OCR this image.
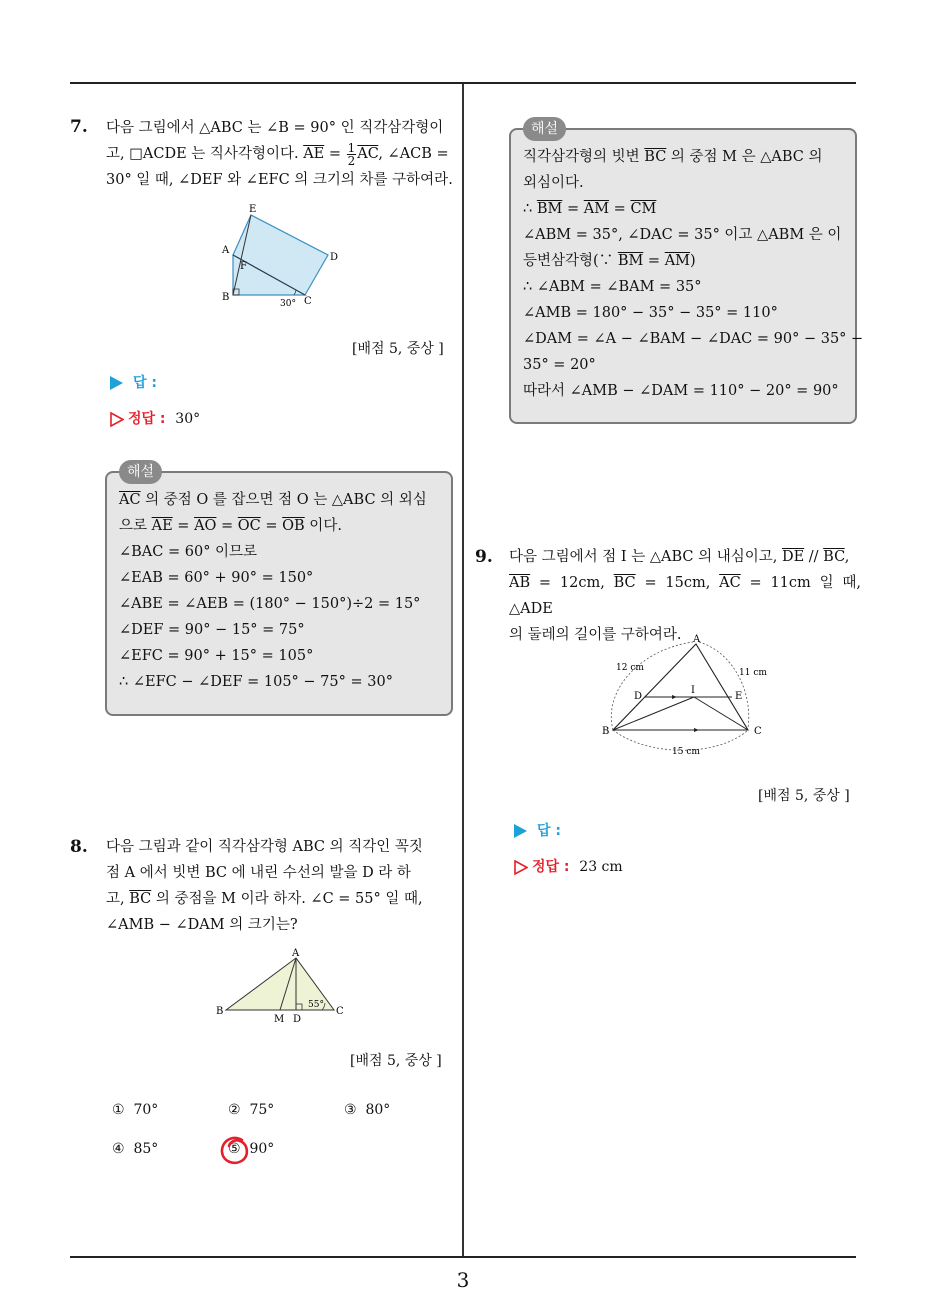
3
7. 다음 그림에서 △ABC 는 ∠B = 90° 인 직각삼각형이

고, □ACDE 는 직사각형이다. $\overline{AE} = \frac{1}{2} \overline{AC}$, ∠ACB =

30° 일 때, ∠DEF 와 ∠EFC 의 크기의 차를 구하여라.

E
A
F
D
B
30° C
[배점 5, 중상 ]
답 :
정답 : 30°
해설

$\overline{AC}$ 의 중점 O 를 잡으면 점 O 는 △ABC 의 외심

으로 $\overline{AE} = \overline{AO} = \overline{OC} = \overline{OB}$ 이다.

∠BAC = 60° 이므로

∠EAB = 60° + 90° = 150°

∠ABE = ∠AEB = (180° − 150°)÷2 = 15°

∠DEF = 90° − 15° = 75°

∠EFC = 90° + 15° = 105°

∴ ∠EFC − ∠DEF = 105° − 75° = 30°

8. 다음 그림과 같이 직각삼각형 ABC 의 직각인 꼭짓

점 A 에서 빗변 BC 에 내린 수선의 발을 D 라 하

고, $\overline{BC}$ 의 중점을 M 이라 하자. ∠C = 55° 일 때,

∠AMB − ∠DAM 의 크기는?

A
B
M D
55°
C
[배점 5, 중상 ]
① 70°	② 75°	③ 80°
④ 85°	⑤ 90°
해설

직각삼각형의 빗변 $\overline{BC}$ 의 중점 M 은 △ABC 의

외심이다.

∴ $\overline{BM} = \overline{AM} = \overline{CM}$

∠ABM = 35°, ∠DAC = 35° 이고 △ABM 은 이

등변삼각형(∵ $\overline{BM} = \overline{AM}$)

∴ ∠ABM = ∠BAM = 35°

∠AMB = 180° − 35° − 35° = 110°

∠DAM = ∠A − ∠BAM − ∠DAC = 90° − 35° −

35° = 20°

따라서 ∠AMB − ∠DAM = 110° − 20° = 90°

9. 다음 그림에서 점 I 는 △ABC 의 내심이고, $\overline{DE} // \overline{BC}$,

$\overline{AB} = 12cm$, $\overline{BC} = 15cm$, $\overline{AC} = 11cm$ 일 때, △ADE

의 둘레의 길이를 구하여라.	A
12 cm	11 cm
D
I
E
B	C
15 cm
[배점 5, 중상 ]
답 :
정답 : 23 cm
